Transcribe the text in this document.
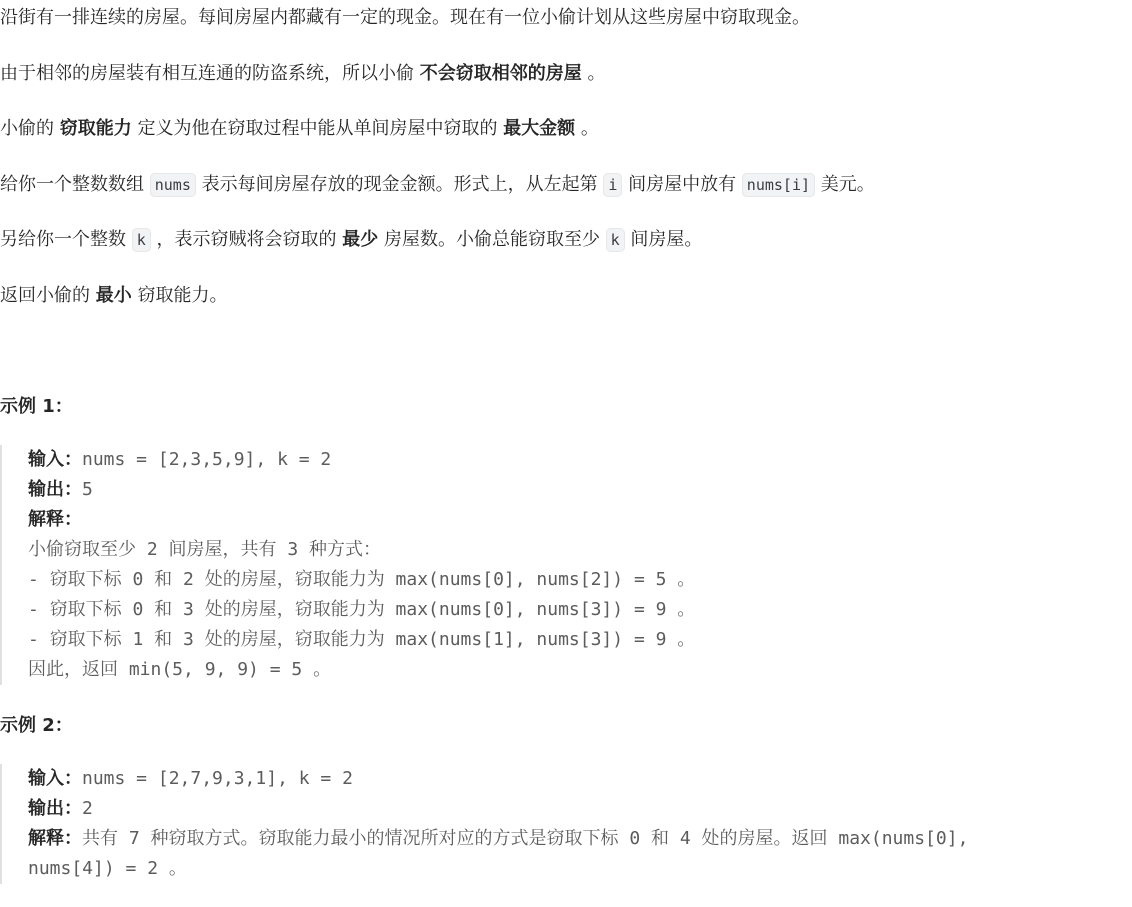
沿街有一排连续的房屋。每间房屋内都藏有一定的现金。现在有一位小偷计划从这些房屋中窃取现金。
由于相邻的房屋装有相互连通的防盗系统，所以小偷 不会窃取相邻的房屋 。
小偷的 窃取能力 定义为他在窃取过程中能从单间房屋中窃取的 最大金额 。
给你一个整数数组 nums 表示每间房屋存放的现金金额。形式上，从左起第 i 间房屋中放有 nums[i] 美元。
另给你一个整数 k ，表示窃贼将会窃取的 最少 房屋数。小偷总能窃取至少 k 间房屋。
返回小偷的 最小 窃取能力。
示例 1：
输入：nums = [2,3,5,9], k = 2
输出：5
解释：
小偷窃取至少 2 间房屋，共有 3 种方式：
- 窃取下标 0 和 2 处的房屋，窃取能力为 max(nums[0], nums[2]) = 5 。
- 窃取下标 0 和 3 处的房屋，窃取能力为 max(nums[0], nums[3]) = 9 。
- 窃取下标 1 和 3 处的房屋，窃取能力为 max(nums[1], nums[3]) = 9 。
因此，返回 min(5, 9, 9) = 5 。
示例 2：
输入：nums = [2,7,9,3,1], k = 2
输出：2
解释：共有 7 种窃取方式。窃取能力最小的情况所对应的方式是窃取下标 0 和 4 处的房屋。返回 max(nums[0],
nums[4]) = 2 。
